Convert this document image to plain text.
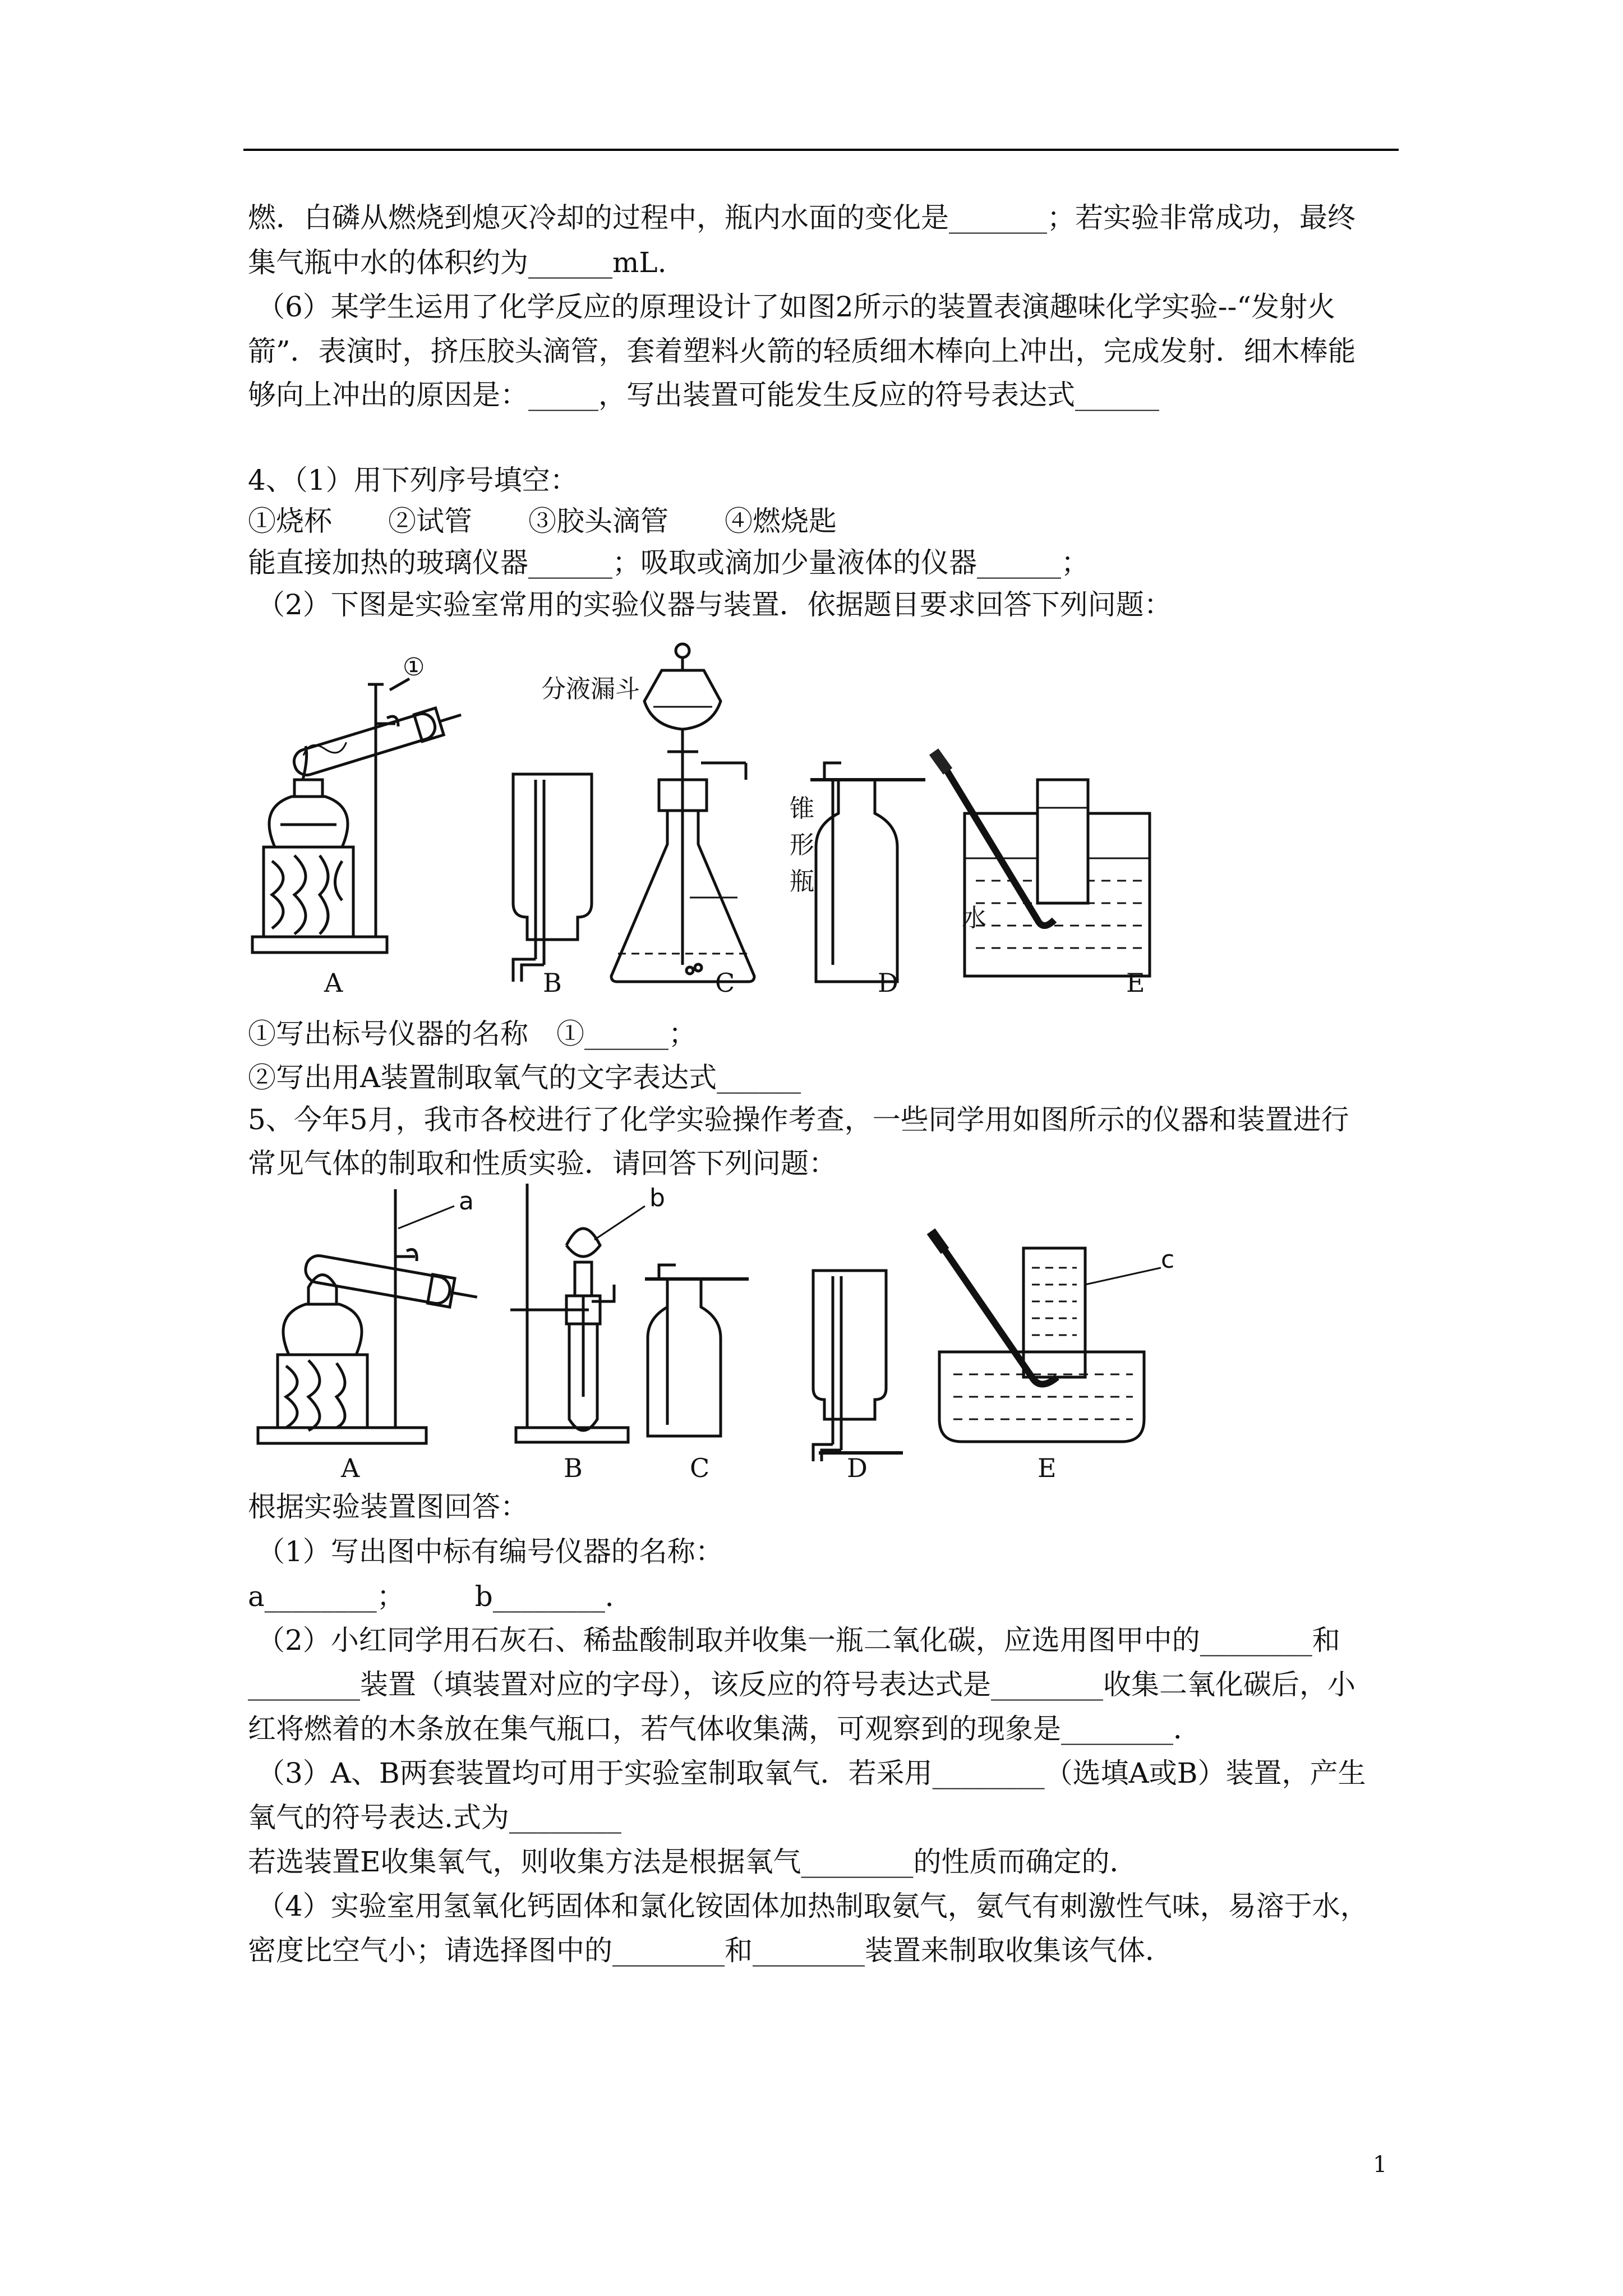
燃．白磷从燃烧到熄灭冷却的过程中，瓶内水面的变化是_______；若实验非常成功，最终
集气瓶中水的体积约为______mL.
（6）某学生运用了化学反应的原理设计了如图2所示的装置表演趣味化学实验--“发射火
箭”．表演时，挤压胶头滴管，套着塑料火箭的轻质细木棒向上冲出，完成发射．细木棒能
够向上冲出的原因是：_____，写出装置可能发生反应的符号表达式______
4、（1）用下列序号填空：
①烧杯　　②试管　　③胶头滴管　　④燃烧匙
能直接加热的玻璃仪器______；吸取或滴加少量液体的仪器______；
（2）下图是实验室常用的实验仪器与装置．依据题目要求回答下列问题：
①
分液漏斗
锥
形
瓶
水
A	B	C	D	E
①写出标号仪器的名称　①______；
②写出用A装置制取氧气的文字表达式______
5、今年5月，我市各校进行了化学实验操作考查，一些同学用如图所示的仪器和装置进行
常见气体的制取和性质实验．请回答下列问题：
a	b
c
A	B	C	D	E
根据实验装置图回答：
（1）写出图中标有编号仪器的名称：
a________；　　　b________．
（2）小红同学用石灰石、稀盐酸制取并收集一瓶二氧化碳，应选用图甲中的________和
________装置（填装置对应的字母），该反应的符号表达式是________收集二氧化碳后，小
红将燃着的木条放在集气瓶口，若气体收集满，可观察到的现象是________．
（3）A、B两套装置均可用于实验室制取氧气．若采用________（选填A或B）装置，产生
氧气的符号表达.式为________
若选装置E收集氧气，则收集方法是根据氧气________的性质而确定的．
（4）实验室用氢氧化钙固体和氯化铵固体加热制取氨气，氨气有刺激性气味，易溶于水，
密度比空气小；请选择图中的________和________装置来制取收集该气体．
1
